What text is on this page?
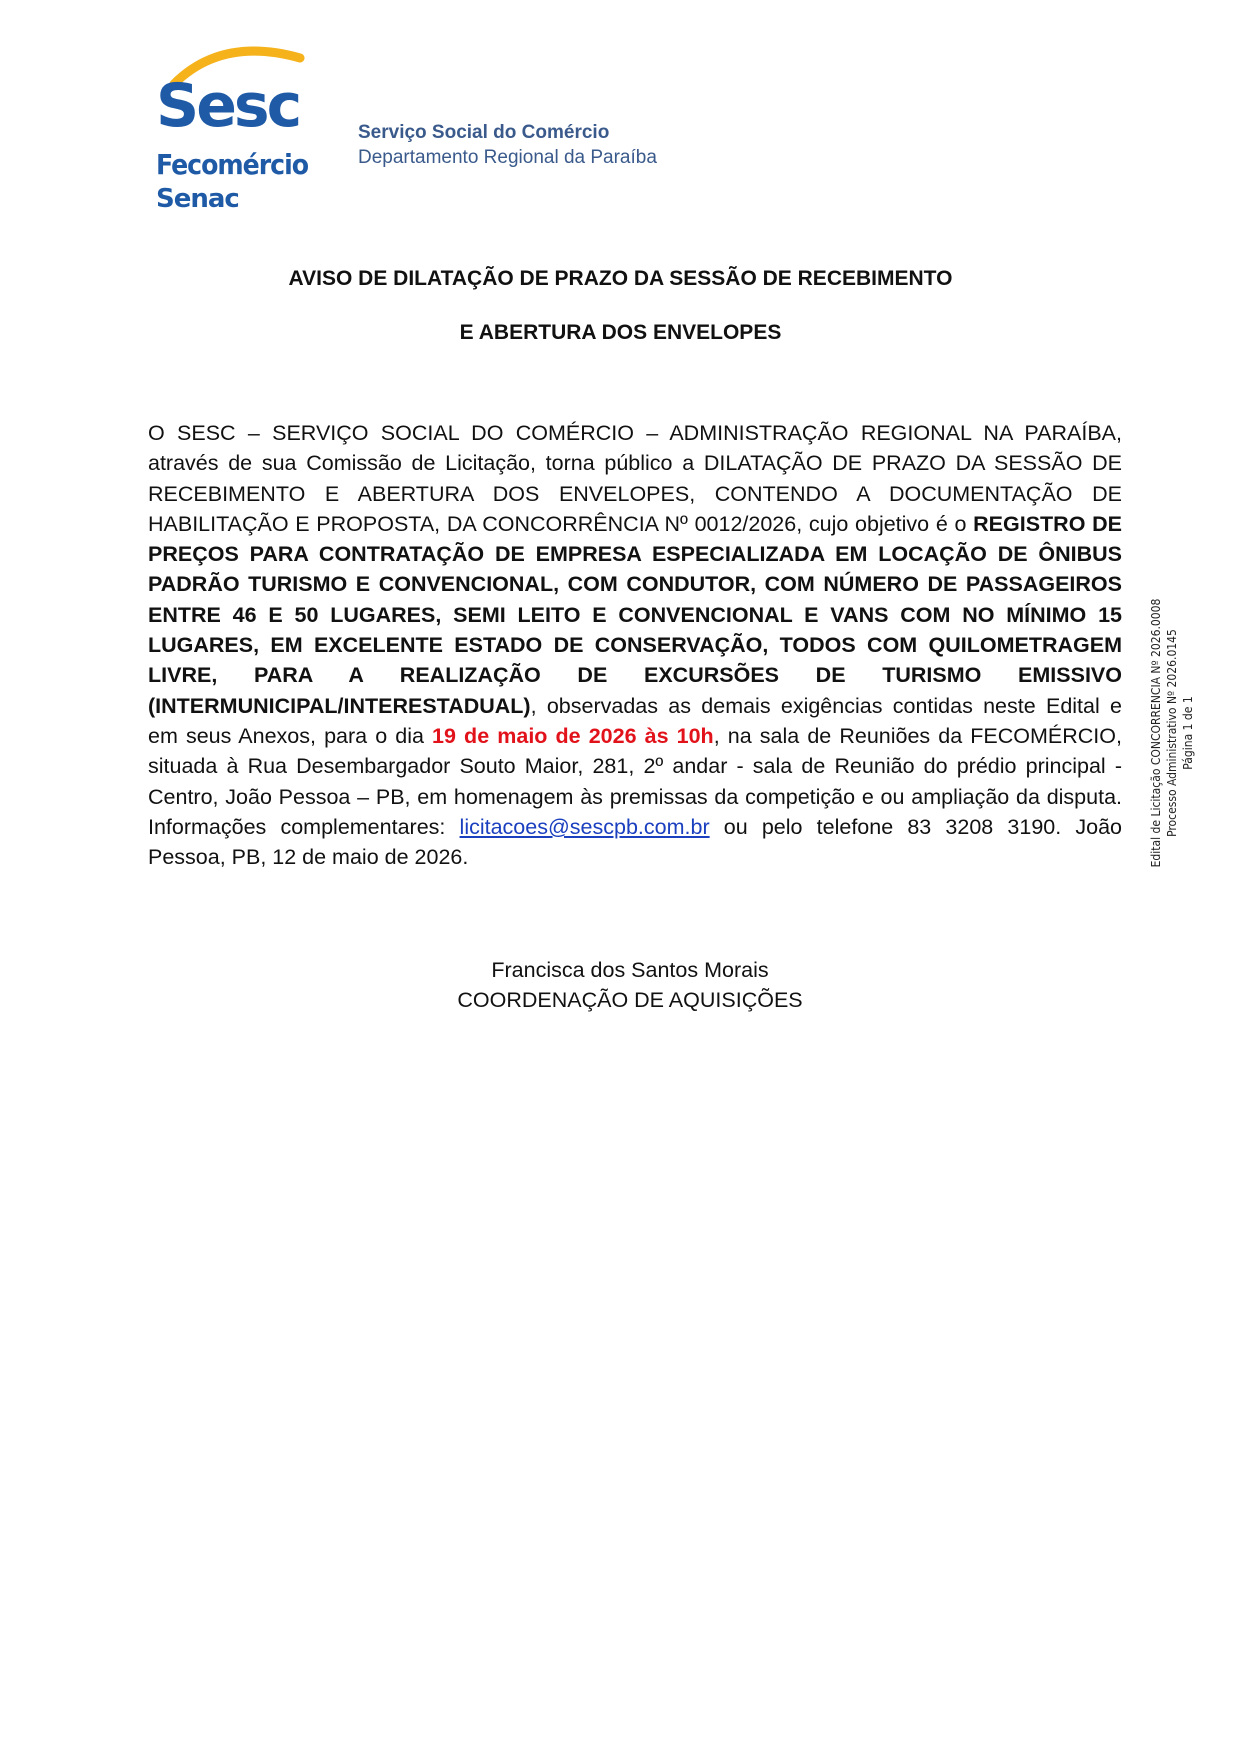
Sesc
Fecomércio
Senac
Serviço Social do Comércio
Departamento Regional da Paraíba
AVISO DE DILATAÇÃO DE PRAZO DA SESSÃO DE RECEBIMENTO
E ABERTURA DOS ENVELOPES
O SESC – SERVIÇO SOCIAL DO COMÉRCIO – ADMINISTRAÇÃO REGIONAL NA PARAÍBA, através de sua Comissão de Licitação, torna público a DILATAÇÃO DE PRAZO DA SESSÃO DE RECEBIMENTO E ABERTURA DOS ENVELOPES, CONTENDO A DOCUMENTAÇÃO DE HABILITAÇÃO E PROPOSTA, DA CONCORRÊNCIA Nº 0012/2026, cujo objetivo é o REGISTRO DE PREÇOS PARA CONTRATAÇÃO DE EMPRESA ESPECIALIZADA EM LOCAÇÃO DE ÔNIBUS PADRÃO TURISMO E CONVENCIONAL, COM CONDUTOR, COM NÚMERO DE PASSAGEIROS ENTRE 46 E 50 LUGARES, SEMI LEITO E CONVENCIONAL E VANS COM NO MÍNIMO 15 LUGARES, EM EXCELENTE ESTADO DE CONSERVAÇÃO, TODOS COM QUILOMETRAGEM LIVRE, PARA A REALIZAÇÃO DE EXCURSÕES DE TURISMO EMISSIVO (INTERMUNICIPAL/INTERESTADUAL), observadas as demais exigências contidas neste Edital e em seus Anexos, para o dia 19 de maio de 2026 às 10h, na sala de Reuniões da FECOMÉRCIO, situada à Rua Desembargador Souto Maior, 281, 2º andar - sala de Reunião do prédio principal - Centro, João Pessoa – PB, em homenagem às premissas da competição e ou ampliação da disputa. Informações complementares: licitacoes@sescpb.com.br ou pelo telefone 83 3208 3190. João Pessoa, PB, 12 de maio de 2026.
Francisca dos Santos Morais
COORDENAÇÃO DE AQUISIÇÕES
Edital de Licitação CONCORRENCIA Nº 2026.0008 Processo Administrativo Nº 2026.0145 Página 1 de 1
